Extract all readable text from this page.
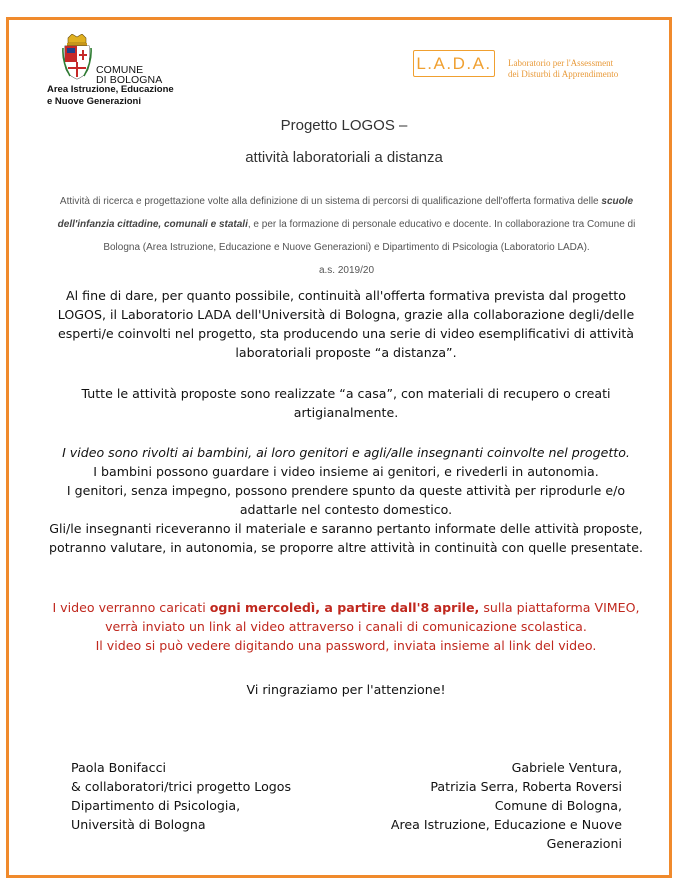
COMUNE
DI BOLOGNA
Area Istruzione, Educazione
e Nuove Generazioni
L.A.D.A. Laboratorio per l'Assessment
dei Disturbi di Apprendimento
Progetto LOGOS –
attività laboratoriali a distanza
Attività di ricerca e progettazione volte alla definizione di un sistema di percorsi di qualificazione dell'offerta formativa delle scuole dell'infanzia cittadine, comunali e statali, e per la formazione di personale educativo e docente. In collaborazione tra Comune di Bologna (Area Istruzione, Educazione e Nuove Generazioni) e Dipartimento di Psicologia (Laboratorio LADA).
a.s. 2019/20
Al fine di dare, per quanto possibile, continuità all'offerta formativa prevista dal progetto LOGOS, il Laboratorio LADA dell'Università di Bologna, grazie alla collaborazione degli/delle esperti/e coinvolti nel progetto, sta producendo una serie di video esemplificativi di attività laboratoriali proposte “a distanza”.
Tutte le attività proposte sono realizzate “a casa”, con materiali di recupero o creati artigianalmente.
I video sono rivolti ai bambini, ai loro genitori e agli/alle insegnanti coinvolte nel progetto.
I bambini possono guardare i video insieme ai genitori, e rivederli in autonomia.
I genitori, senza impegno, possono prendere spunto da queste attività per riprodurle e/o adattarle nel contesto domestico.
Gli/le insegnanti riceveranno il materiale e saranno pertanto informate delle attività proposte, potranno valutare, in autonomia, se proporre altre attività in continuità con quelle presentate.
I video verranno caricati ogni mercoledì, a partire dall'8 aprile, sulla piattaforma VIMEO, verrà inviato un link al video attraverso i canali di comunicazione scolastica.
Il video si può vedere digitando una password, inviata insieme al link del video.
Vi ringraziamo per l'attenzione!
Paola Bonifacci
& collaboratori/trici progetto Logos
Dipartimento di Psicologia,
Università di Bologna
Gabriele Ventura,
Patrizia Serra, Roberta Roversi
Comune di Bologna,
Area Istruzione, Educazione e Nuove
Generazioni
